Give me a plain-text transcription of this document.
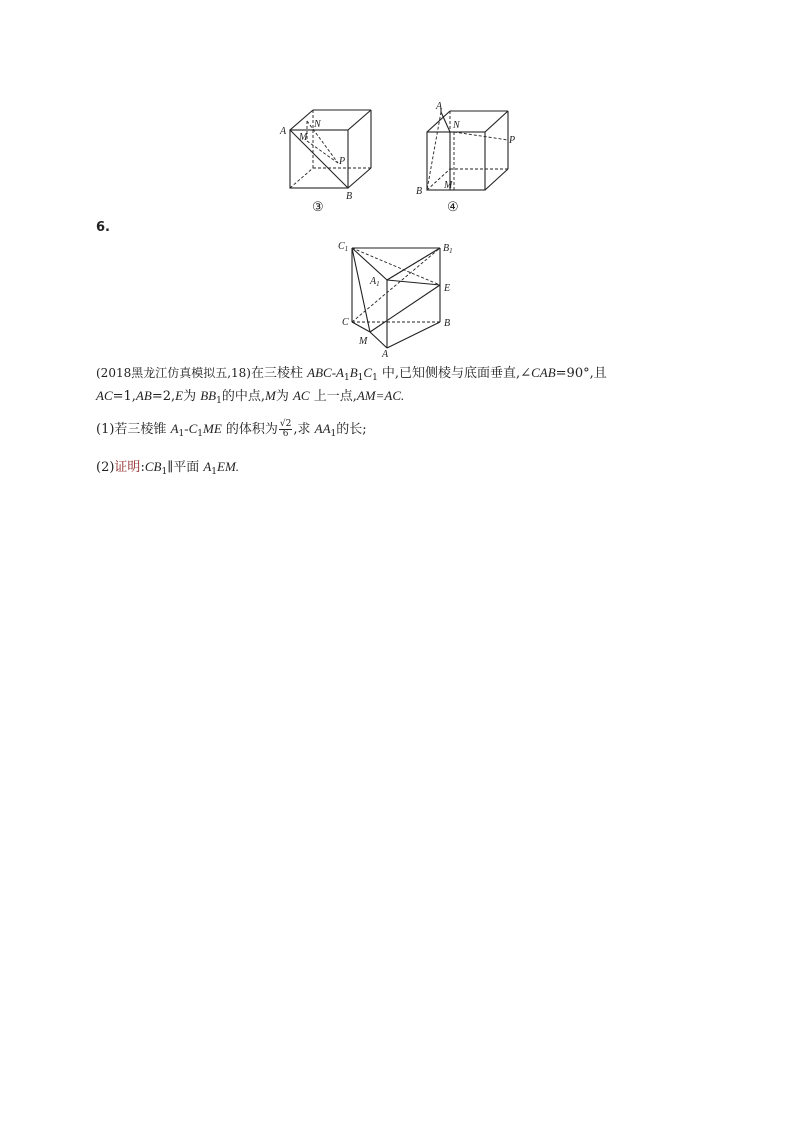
A
N
M
P
B
③
A
N
P
B
M
④
6.
$C_1$	$B_1$
$A_1$	E
C	B
M
A
(2018黑龙江仿真模拟五,18)在三棱柱 ABC-$A_1B_1C_1$ 中,已知侧棱与底面垂直,∠CAB=90°,且
AC=1,AB=2,E为 $BB_1$的中点,M为 AC 上一点,AM=AC.
(1)若三棱锥 $A_1-C_1ME$ 的体积为 $\frac{√2}{6}$ ,求 $AA_1$的长;
(2)证明$:CB_1\parallel$平面 $A_1EM$.
